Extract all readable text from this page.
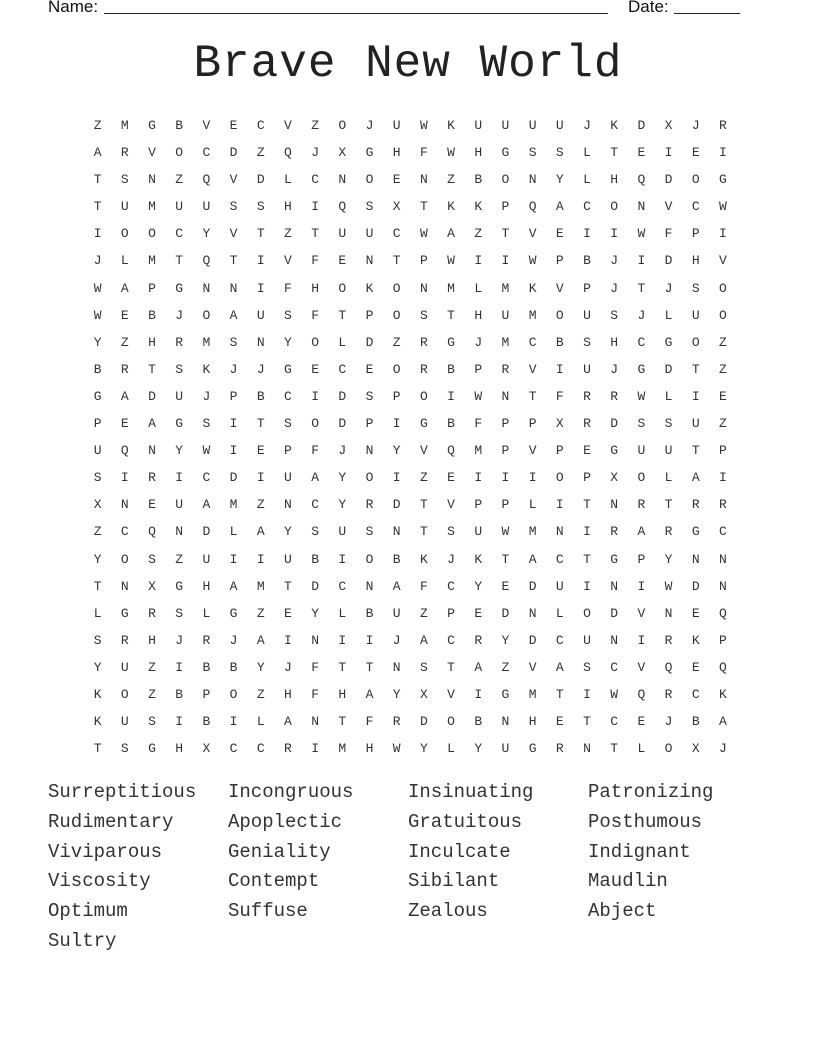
Name:	Date:
Brave New World
Z	M	G	B	V	E	C	V	Z	O	J	U	W	K	U	U	U	U	J	K	D	X	J	R
A	R	V	O	C	D	Z	Q	J	X	G	H	F	W	H	G	S	S	L	T	E	I	E	I
T	S	N	Z	Q	V	D	L	C	N	O	E	N	Z	B	O	N	Y	L	H	Q	D	O	G
T	U	M	U	U	S	S	H	I	Q	S	X	T	K	K	P	Q	A	C	O	N	V	C	W
I	O	O	C	Y	V	T	Z	T	U	U	C	W	A	Z	T	V	E	I	I	W	F	P	I
J	L	M	T	Q	T	I	V	F	E	N	T	P	W	I	I	W	P	B	J	I	D	H	V
W	A	P	G	N	N	I	F	H	O	K	O	N	M	L	M	K	V	P	J	T	J	S	O
W	E	B	J	O	A	U	S	F	T	P	O	S	T	H	U	M	O	U	S	J	L	U	O
Y	Z	H	R	M	S	N	Y	O	L	D	Z	R	G	J	M	C	B	S	H	C	G	O	Z
B	R	T	S	K	J	J	G	E	C	E	O	R	B	P	R	V	I	U	J	G	D	T	Z
G	A	D	U	J	P	B	C	I	D	S	P	O	I	W	N	T	F	R	R	W	L	I	E
P	E	A	G	S	I	T	S	O	D	P	I	G	B	F	P	P	X	R	D	S	S	U	Z
U	Q	N	Y	W	I	E	P	F	J	N	Y	V	Q	M	P	V	P	E	G	U	U	T	P
S	I	R	I	C	D	I	U	A	Y	O	I	Z	E	I	I	I	O	P	X	O	L	A	I
X	N	E	U	A	M	Z	N	C	Y	R	D	T	V	P	P	L	I	T	N	R	T	R	R
Z	C	Q	N	D	L	A	Y	S	U	S	N	T	S	U	W	M	N	I	R	A	R	G	C
Y	O	S	Z	U	I	I	U	B	I	O	B	K	J	K	T	A	C	T	G	P	Y	N	N
T	N	X	G	H	A	M	T	D	C	N	A	F	C	Y	E	D	U	I	N	I	W	D	N
L	G	R	S	L	G	Z	E	Y	L	B	U	Z	P	E	D	N	L	O	D	V	N	E	Q
S	R	H	J	R	J	A	I	N	I	I	J	A	C	R	Y	D	C	U	N	I	R	K	P
Y	U	Z	I	B	B	Y	J	F	T	T	N	S	T	A	Z	V	A	S	C	V	Q	E	Q
K	O	Z	B	P	O	Z	H	F	H	A	Y	X	V	I	G	M	T	I	W	Q	R	C	K
K	U	S	I	B	I	L	A	N	T	F	R	D	O	B	N	H	E	T	C	E	J	B	A
T	S	G	H	X	C	C	R	I	M	H	W	Y	L	Y	U	G	R	N	T	L	O	X	J
Surreptitious	Incongruous	Insinuating	Patronizing
Rudimentary	Apoplectic	Gratuitous	Posthumous
Viviparous	Geniality	Inculcate	Indignant
Viscosity	Contempt	Sibilant	Maudlin
Optimum	Suffuse	Zealous	Abject
Sultry
